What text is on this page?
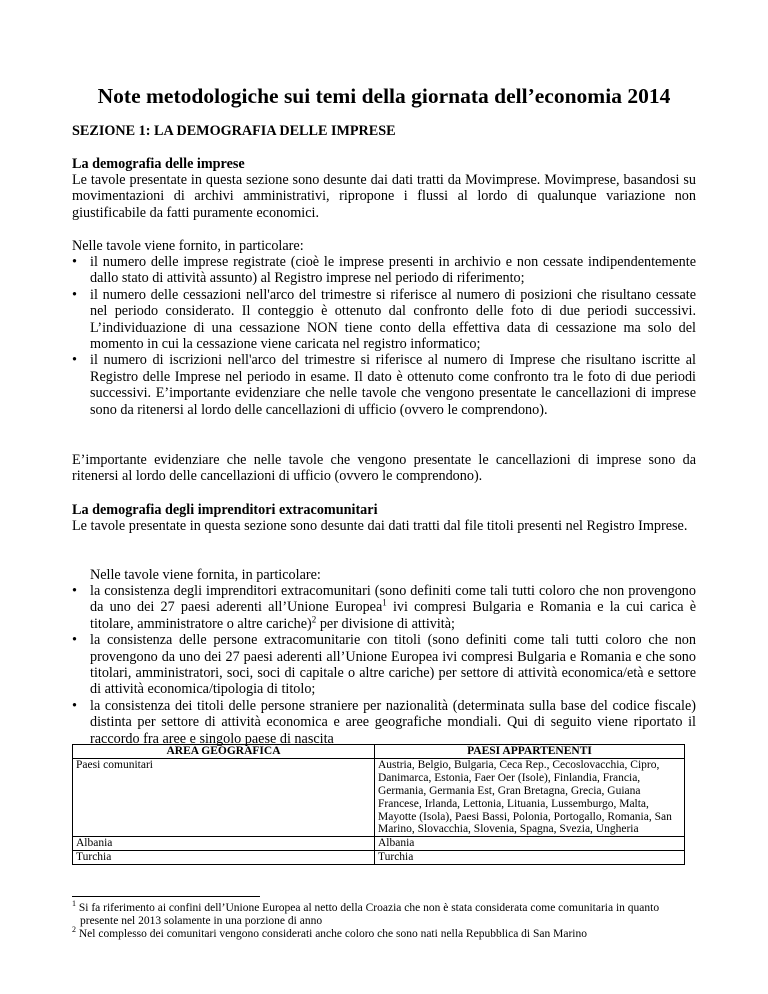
Note metodologiche sui temi della giornata dell’economia 2014

SEZIONE 1: LA DEMOGRAFIA DELLE IMPRESE

La demografia delle imprese

Le tavole presentate in questa sezione sono desunte dai dati tratti da Movimprese. Movimprese, basandosi su movimentazioni di archivi amministrativi, ripropone i flussi al lordo di qualunque variazione non giustificabile da fatti puramente economici.

Nelle tavole viene fornito, in particolare:

• il numero delle imprese registrate (cioè le imprese presenti in archivio e non cessate indipendentemente dallo stato di attività assunto) al Registro imprese nel periodo di riferimento;
• il numero delle cessazioni nell'arco del trimestre si riferisce al numero di posizioni che risultano cessate nel periodo considerato. Il conteggio è ottenuto dal confronto delle foto di due periodi successivi. L’individuazione di una cessazione NON tiene conto della effettiva data di cessazione ma solo del momento in cui la cessazione viene caricata nel registro informatico;
• il numero di iscrizioni nell'arco del trimestre si riferisce al numero di Imprese che risultano iscritte al Registro delle Imprese nel periodo in esame. Il dato è ottenuto come confronto tra le foto di due periodi successivi. E’importante evidenziare che nelle tavole che vengono presentate le cancellazioni di imprese sono da ritenersi al lordo delle cancellazioni di ufficio (ovvero le comprendono).

E’importante evidenziare che nelle tavole che vengono presentate le cancellazioni di imprese sono da ritenersi al lordo delle cancellazioni di ufficio (ovvero le comprendono).

La demografia degli imprenditori extracomunitari

Le tavole presentate in questa sezione sono desunte dai dati tratti dal file titoli presenti nel Registro Imprese.

Nelle tavole viene fornita, in particolare:

• la consistenza degli imprenditori extracomunitari (sono definiti come tali tutti coloro che non provengono da uno dei 27 paesi aderenti all’Unione Europea$^1$ ivi compresi Bulgaria e Romania e la cui carica è titolare, amministratore o altre cariche)$^2$ per divisione di attività;
• la consistenza delle persone extracomunitarie con titoli (sono definiti come tali tutti coloro che non provengono da uno dei 27 paesi aderenti all’Unione Europea ivi compresi Bulgaria e Romania e che sono titolari, amministratori, soci, soci di capitale o altre cariche) per settore di attività economica/età e settore di attività economica/tipologia di titolo;
• la consistenza dei titoli delle persone straniere per nazionalità (determinata sulla base del codice fiscale) distinta per settore di attività economica e aree geografiche mondiali. Qui di seguito viene riportato il raccordo fra aree e singolo paese di nascita
AREA GEOGRAFICA	PAESI APPARTENENTI
Paesi comunitari	Austria, Belgio, Bulgaria, Ceca Rep., Cecoslovacchia, Cipro, Danimarca, Estonia, Faer Oer (Isole), Finlandia, Francia, Germania, Germania Est, Gran Bretagna, Grecia, Guiana Francese, Irlanda, Lettonia, Lituania, Lussemburgo, Malta, Mayotte (Isola), Paesi Bassi, Polonia, Portogallo, Romania, San Marino, Slovacchia, Slovenia, Spagna, Svezia, Ungheria
Albania	Albania
Turchia	Turchia
$^1$ Si fa riferimento ai confini dell’Unione Europea al netto della Croazia che non è stata considerata come comunitaria in quanto presente nel 2013 solamente in una porzione di anno
$^2$ Nel complesso dei comunitari vengono considerati anche coloro che sono nati nella Repubblica di San Marino
